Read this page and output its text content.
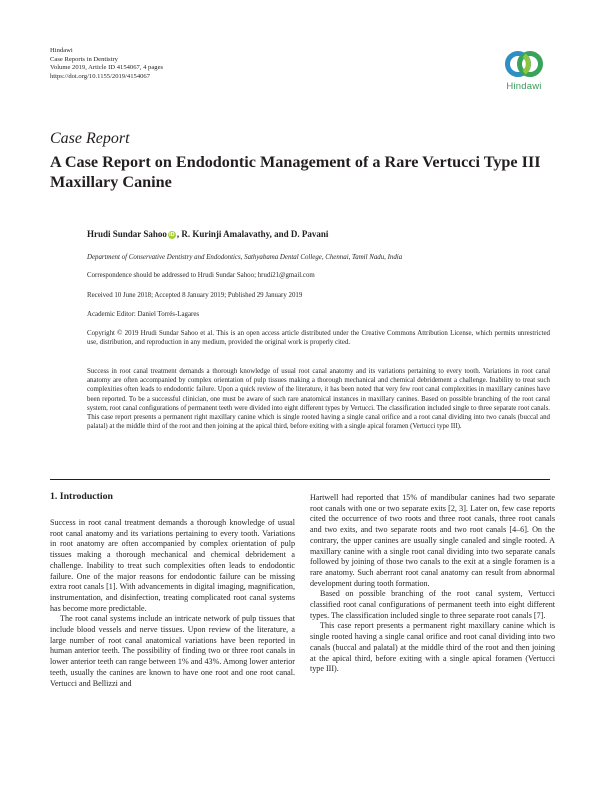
Hindawi
Case Reports in Dentistry
Volume 2019, Article ID 4154067, 4 pages
https://doi.org/10.1155/2019/4154067
Hindawi
Case Report
A Case Report on Endodontic Management of a Rare Vertucci Type III Maxillary Canine
Hrudi Sundar Sahoo iD , R. Kurinji Amalavathy, and D. Pavani
Department of Conservative Dentistry and Endodontics, Sathyabama Dental College, Chennai, Tamil Nadu, India
Correspondence should be addressed to Hrudi Sundar Sahoo; hrudi21@gmail.com
Received 10 June 2018; Accepted 8 January 2019; Published 29 January 2019
Academic Editor: Daniel Torrés-Lagares
Copyright © 2019 Hrudi Sundar Sahoo et al. This is an open access article distributed under the Creative Commons Attribution License, which permits unrestricted use, distribution, and reproduction in any medium, provided the original work is properly cited.

Success in root canal treatment demands a thorough knowledge of usual root canal anatomy and its variations pertaining to every tooth. Variations in root canal anatomy are often accompanied by complex orientation of pulp tissues making a thorough mechanical and chemical debridement a challenge. Inability to treat such complexities often leads to endodontic failure. Upon a quick review of the literature, it has been noted that very few root canal complexities in maxillary canines have been reported. To be a successful clinician, one must be aware of such rare anatomical instances in maxillary canines. Based on possible branching of the root canal system, root canal configurations of permanent teeth were divided into eight different types by Vertucci. The classification included single to three separate root canals. This case report presents a permanent right maxillary canine which is single rooted having a single canal orifice and a root canal dividing into two canals (buccal and palatal) at the middle third of the root and then joining at the apical third, before exiting with a single apical foramen (Vertucci type III).

1. Introduction

Success in root canal treatment demands a thorough knowledge of usual root canal anatomy and its variations pertaining to every tooth. Variations in root anatomy are often accompanied by complex orientation of pulp tissues making a thorough mechanical and chemical debridement a challenge. Inability to treat such complexities often leads to endodontic failure. One of the major reasons for endodontic failure can be missing extra root canals [1]. With advancements in digital imaging, magnification, instrumentation, and disinfection, treating complicated root canal systems has become more predictable.

The root canal systems include an intricate network of pulp tissues that include blood vessels and nerve tissues. Upon review of the literature, a large number of root canal anatomical variations have been reported in human anterior teeth. The possibility of finding two or three root canals in lower anterior teeth can range between 1% and 43%. Among lower anterior teeth, usually the canines are known to have one root and one root canal. Vertucci and Bellizzi and

Hartwell had reported that 15% of mandibular canines had two separate root canals with one or two separate exits [2, 3]. Later on, few case reports cited the occurrence of two roots and three root canals, three root canals and two exits, and two separate roots and two root canals [4–6]. On the contrary, the upper canines are usually single canaled and single rooted. A maxillary canine with a single root canal dividing into two separate canals followed by joining of those two canals to the exit at a single foramen is a rare anatomy. Such aberrant root canal anatomy can result from abnormal development during tooth formation.

Based on possible branching of the root canal system, Vertucci classified root canal configurations of permanent teeth into eight different types. The classification included single to three separate root canals [7].

This case report presents a permanent right maxillary canine which is single rooted having a single canal orifice and root canal dividing into two canals (buccal and palatal) at the middle third of the root and then joining at the apical third, before exiting with a single apical foramen (Vertucci type III).
